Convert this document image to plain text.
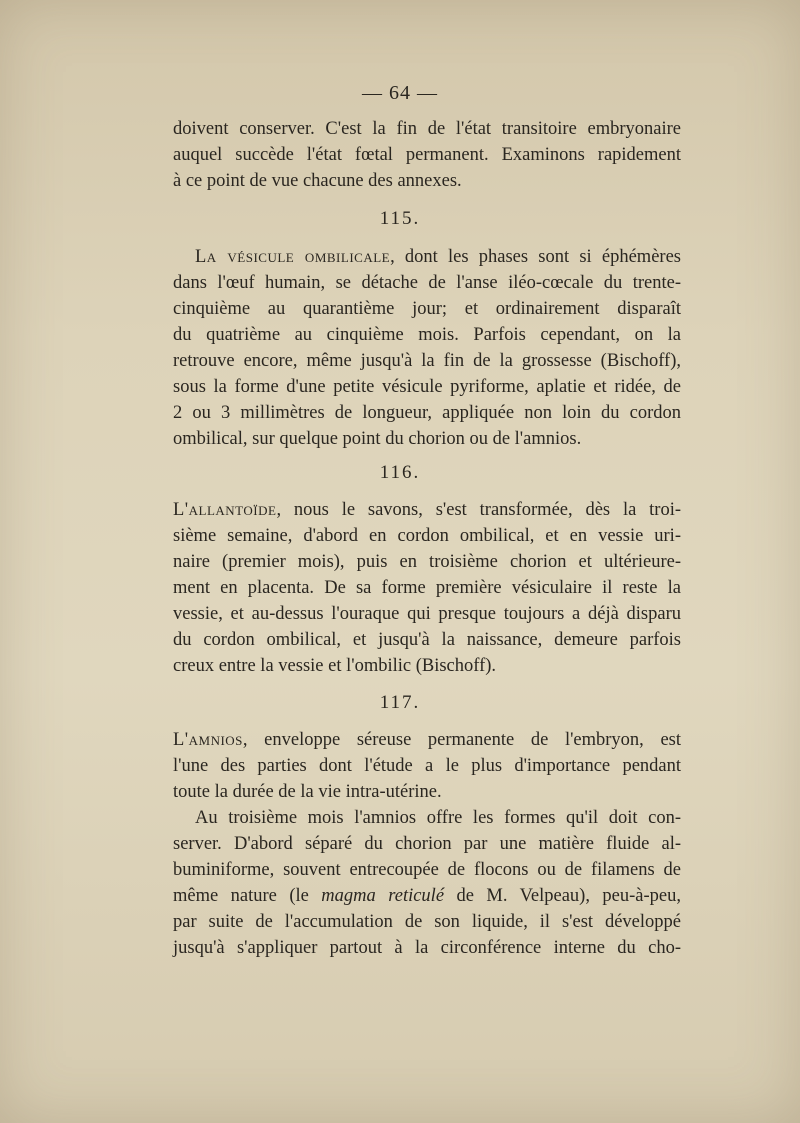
— 64 —
doivent conserver. C'est la fin de l'état transitoire embryonaire
auquel succède l'état fœtal permanent. Examinons rapidement
à ce point de vue chacune des annexes.
115.
La vésicule ombilicale, dont les phases sont si éphémères
dans l'œuf humain, se détache de l'anse iléo-cœcale du trente-
cinquième au quarantième jour; et ordinairement disparaît
du quatrième au cinquième mois. Parfois cependant, on la
retrouve encore, même jusqu'à la fin de la grossesse (Bischoff),
sous la forme d'une petite vésicule pyriforme, aplatie et ridée, de
2 ou 3 millimètres de longueur, appliquée non loin du cordon
ombilical, sur quelque point du chorion ou de l'amnios.
116.
L'allantoïde, nous le savons, s'est transformée, dès la troi-
sième semaine, d'abord en cordon ombilical, et en vessie uri-
naire (premier mois), puis en troisième chorion et ultérieure-
ment en placenta. De sa forme première vésiculaire il reste la
vessie, et au-dessus l'ouraque qui presque toujours a déjà disparu
du cordon ombilical, et jusqu'à la naissance, demeure parfois
creux entre la vessie et l'ombilic (Bischoff).
117.
L'amnios, enveloppe séreuse permanente de l'embryon, est
l'une des parties dont l'étude a le plus d'importance pendant
toute la durée de la vie intra-utérine.
Au troisième mois l'amnios offre les formes qu'il doit con-
server. D'abord séparé du chorion par une matière fluide al-
buminiforme, souvent entrecoupée de flocons ou de filamens de
même nature (le magma reticulé de M. Velpeau), peu-à-peu,
par suite de l'accumulation de son liquide, il s'est développé
jusqu'à s'appliquer partout à la circonférence interne du cho-
